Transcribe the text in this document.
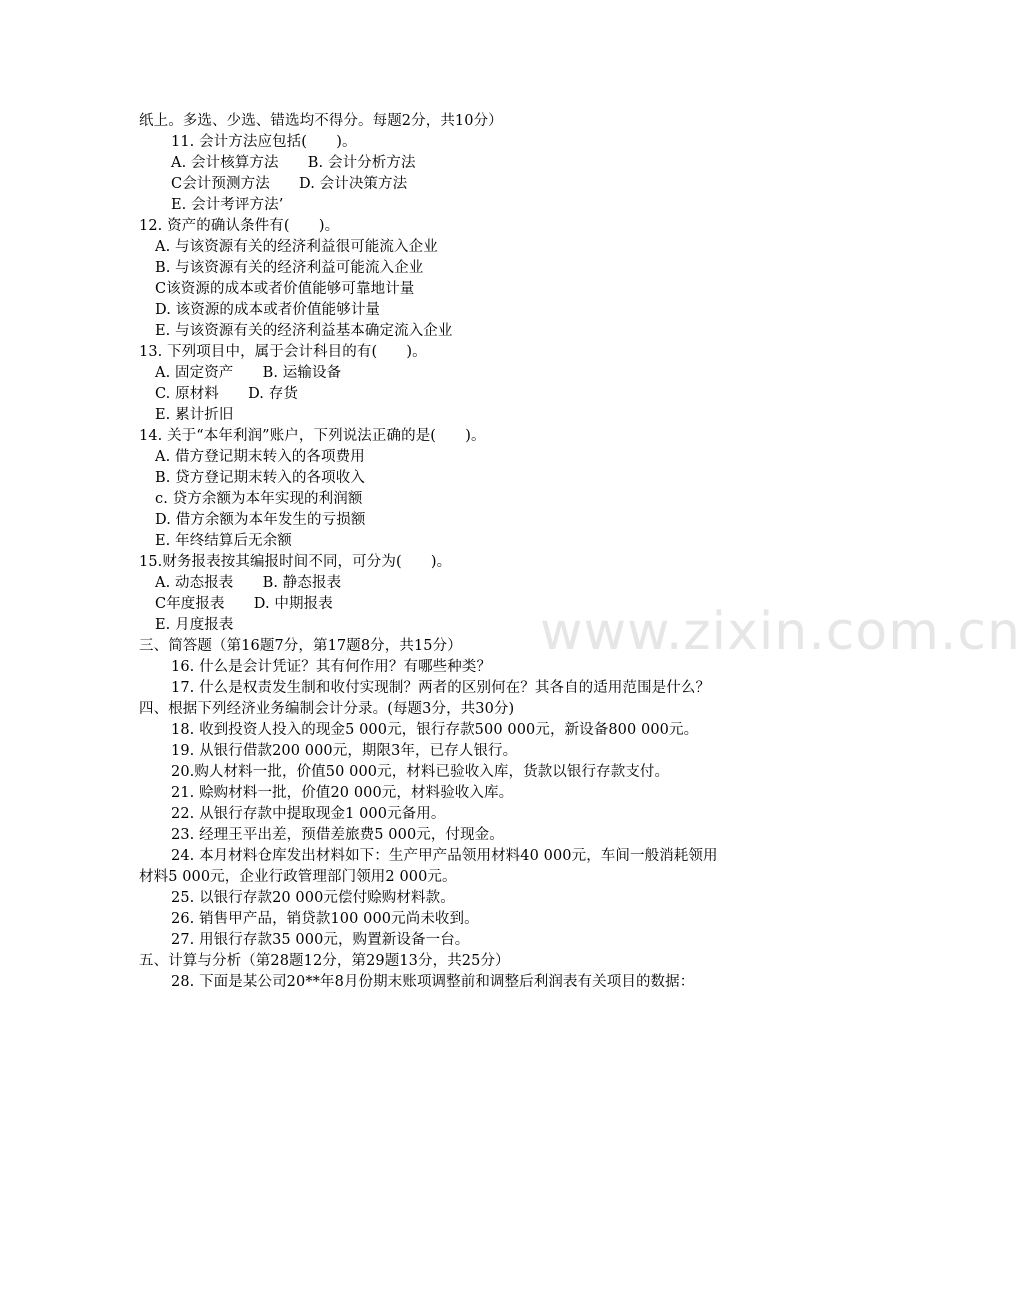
www.zixin.com.cn
纸上。多选、少选、错选均不得分。每题2分，共10分）
11. 会计方法应包括(　　)。
A. 会计核算方法　　B. 会计分析方法
C会计预测方法　　D. 会计决策方法
E. 会计考评方法’
12. 资产的确认条件有(　　)。
A. 与该资源有关的经济利益很可能流入企业
B. 与该资源有关的经济利益可能流入企业
C该资源的成本或者价值能够可靠地计量
D. 该资源的成本或者价值能够计量
E. 与该资源有关的经济利益基本确定流入企业
13. 下列项目中，属于会计科目的有(　　)。
A. 固定资产　　B. 运输设备
C. 原材料　　D. 存货
E. 累计折旧
14. 关于“本年利润”账户，下列说法正确的是(　　)。
A. 借方登记期末转入的各项费用
B. 贷方登记期末转入的各项收入
c. 贷方余额为本年实现的利润额
D. 借方余额为本年发生的亏损额
E. 年终结算后无余额
15.财务报表按其编报时间不同，可分为(　　)。
A. 动态报表　　B. 静态报表
C年度报表　　D. 中期报表
E. 月度报表
三、简答题（第16题7分，第17题8分，共15分）
16. 什么是会计凭证？其有何作用？有哪些种类？
17. 什么是权责发生制和收付实现制？两者的区别何在？其各自的适用范围是什么？
四、根据下列经济业务编制会计分录。(每题3分，共30分)
18. 收到投资人投入的现金5 000元，银行存款500 000元，新设备800 000元。
19. 从银行借款200 000元，期限3年，已存人银行。
20.购人材料一批，价值50 000元，材料已验收入库，货款以银行存款支付。
21. 赊购材料一批，价值20 000元，材料验收入库。
22. 从银行存款中提取现金1 000元备用。
23. 经理王平出差，预借差旅费5 000元，付现金。
24. 本月材料仓库发出材料如下：生产甲产品领用材料40 000元，车间一般消耗领用
材料5 000元，企业行政管理部门领用2 000元。
25. 以银行存款20 000元偿付赊购材料款。
26. 销售甲产品，销贷款100 000元尚未收到。
27. 用银行存款35 000元，购置新设备一台。
五、计算与分析（第28题12分，第29题13分，共25分）
28. 下面是某公司20**年8月份期末账项调整前和调整后利润表有关项目的数据：
